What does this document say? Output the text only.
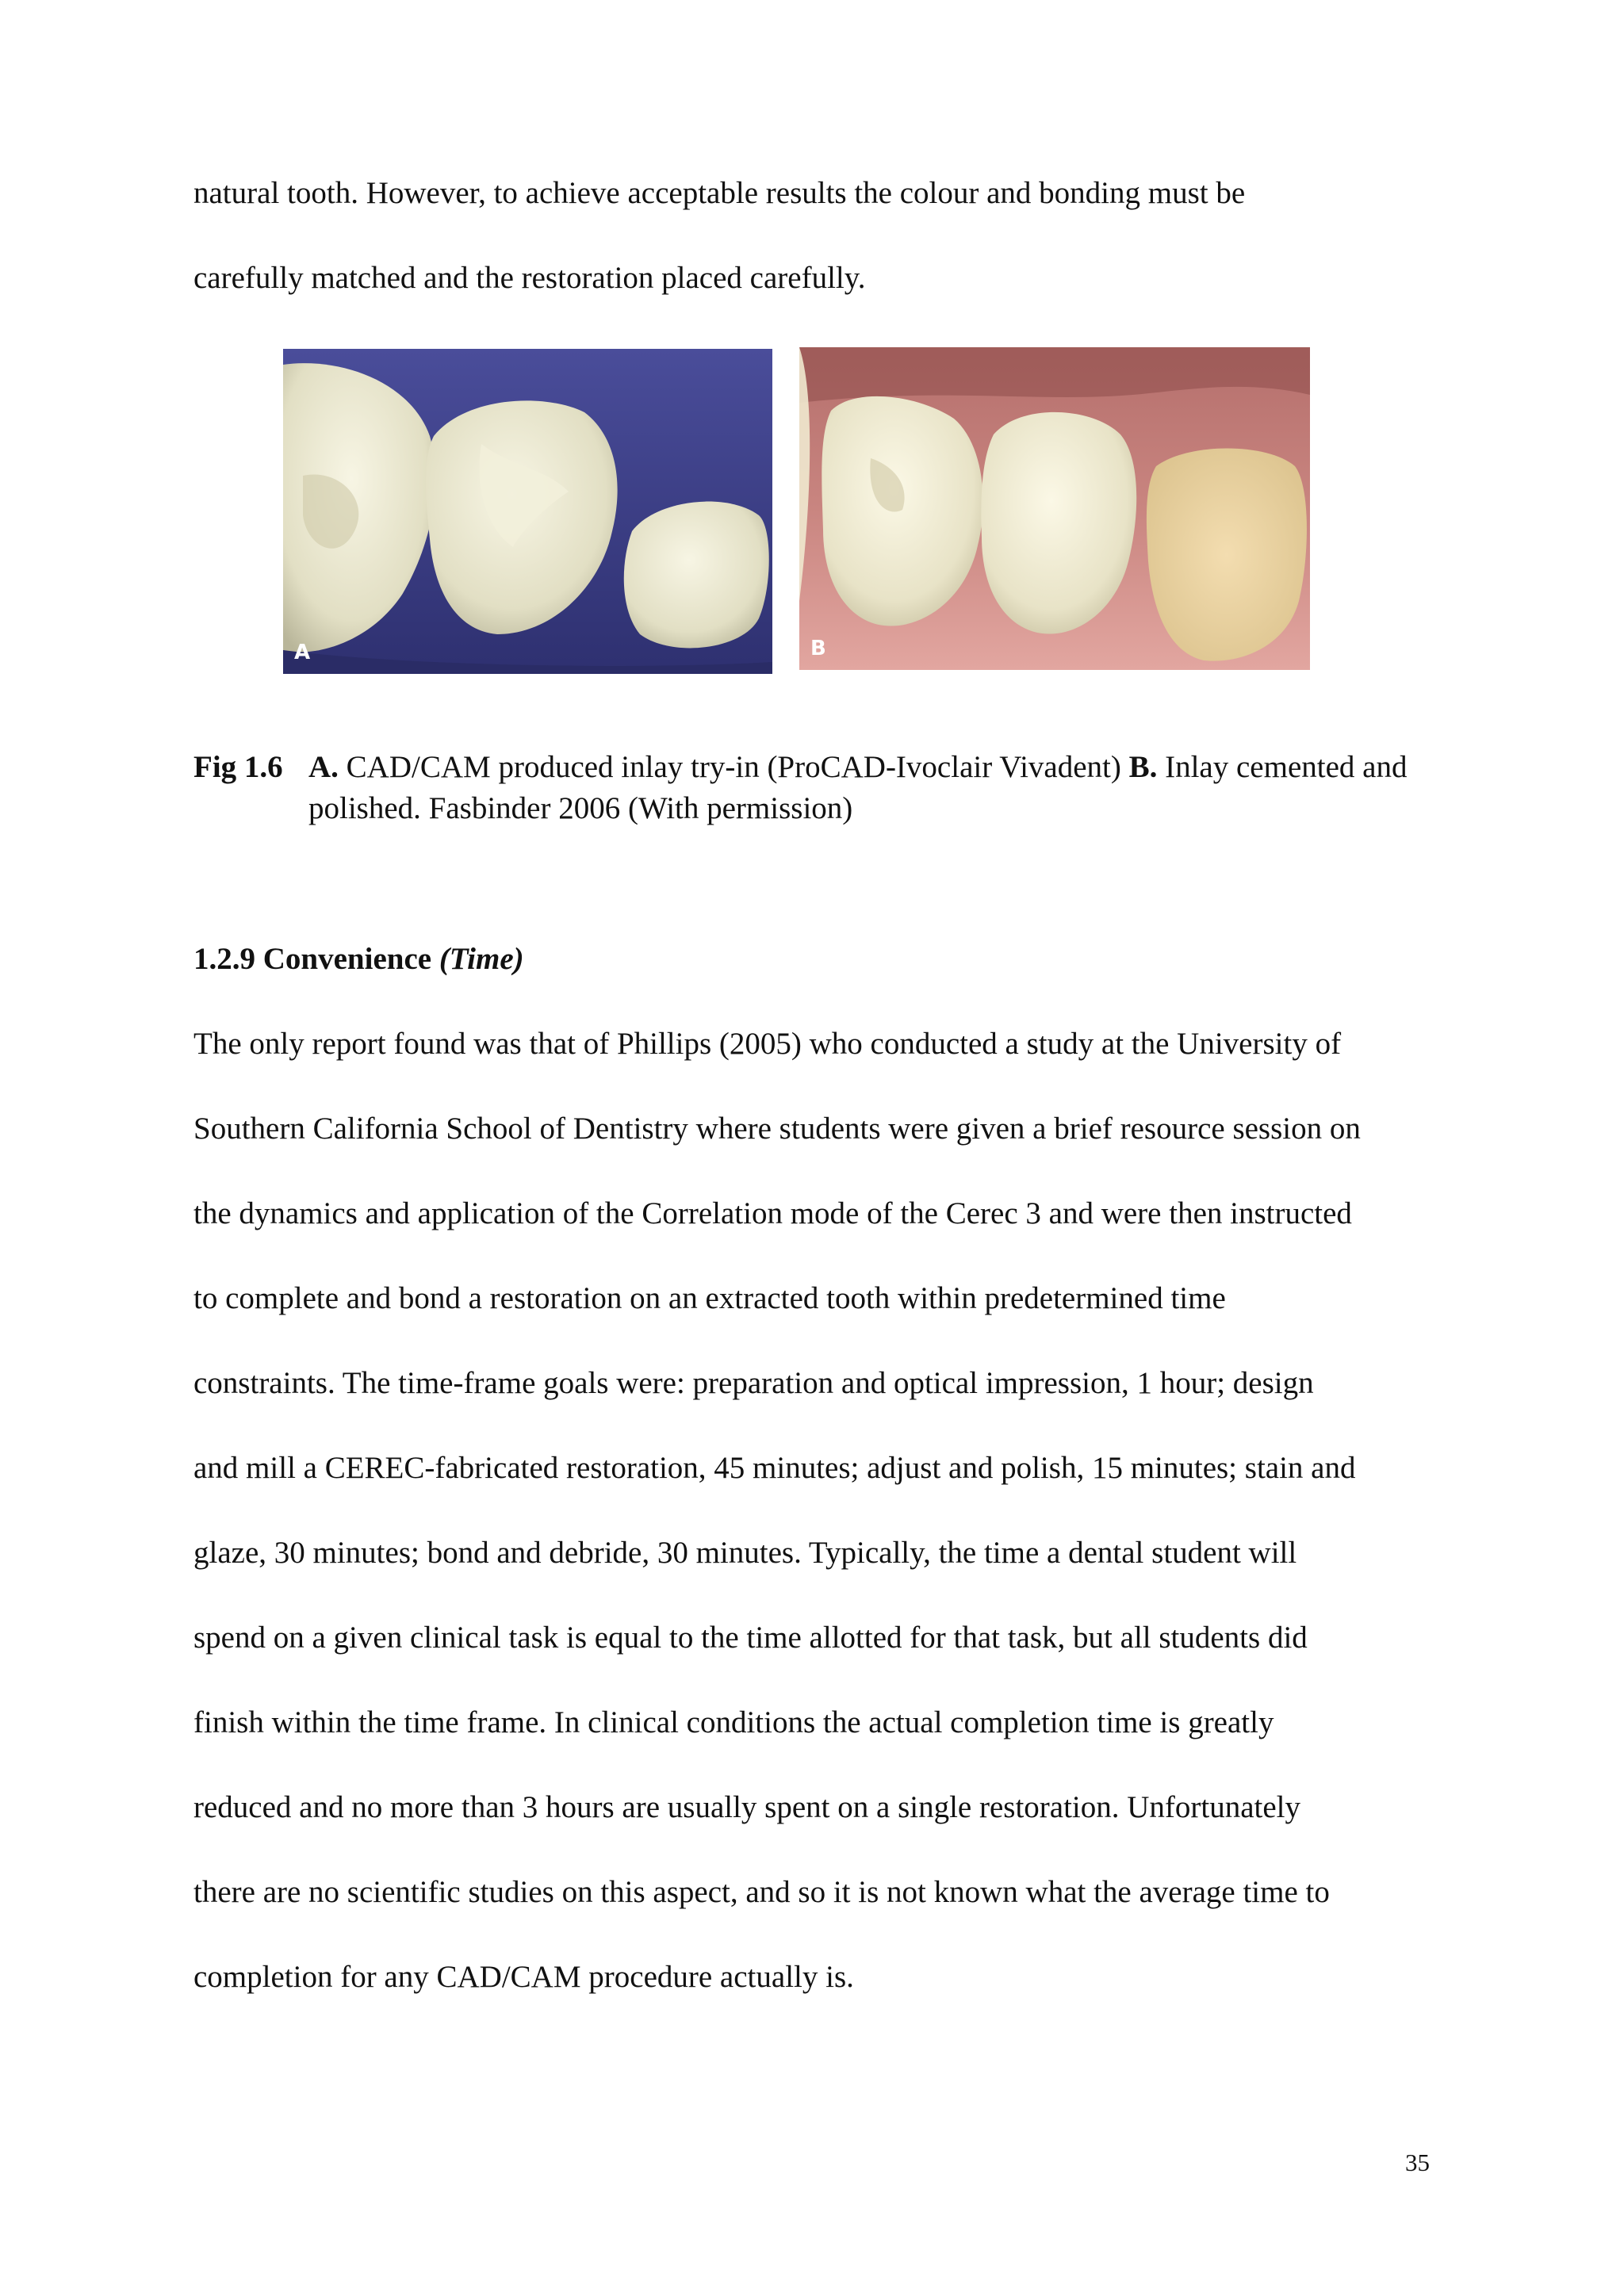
natural tooth. However, to achieve acceptable results the colour and bonding must be

carefully matched and the restoration placed carefully.

A	B
Fig 1.6 A. CAD/CAM produced inlay try-in (ProCAD-Ivoclair Vivadent) B. Inlay cemented and polished. Fasbinder 2006 (With permission)
1.2.9 Convenience (Time)

The only report found was that of Phillips (2005) who conducted a study at the University of

Southern California School of Dentistry where students were given a brief resource session on

the dynamics and application of the Correlation mode of the Cerec 3 and were then instructed

to complete and bond a restoration on an extracted tooth within predetermined time

constraints. The time-frame goals were: preparation and optical impression, 1 hour; design

and mill a CEREC-fabricated restoration, 45 minutes; adjust and polish, 15 minutes; stain and

glaze, 30 minutes; bond and debride, 30 minutes. Typically, the time a dental student will

spend on a given clinical task is equal to the time allotted for that task, but all students did

finish within the time frame. In clinical conditions the actual completion time is greatly

reduced and no more than 3 hours are usually spent on a single restoration. Unfortunately

there are no scientific studies on this aspect, and so it is not known what the average time to

completion for any CAD/CAM procedure actually is.

35
